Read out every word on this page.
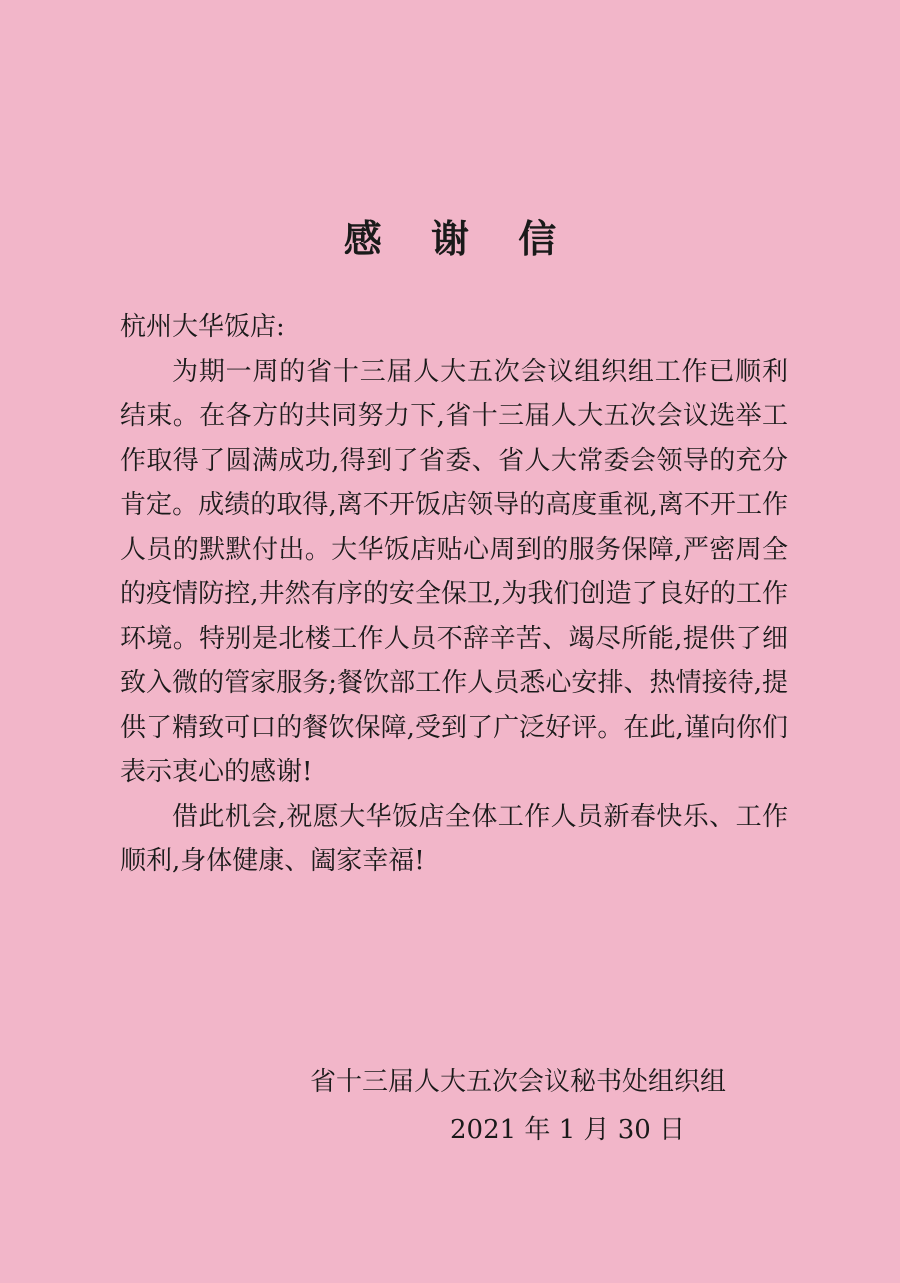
感 谢 信

杭州大华饭店:

为期一周的省十三届人大五次会议组织组工作已顺利结束。在各方的共同努力下,省十三届人大五次会议选举工作取得了圆满成功,得到了省委、省人大常委会领导的充分肯定。成绩的取得,离不开饭店领导的高度重视,离不开工作人员的默默付出。大华饭店贴心周到的服务保障,严密周全的疫情防控,井然有序的安全保卫,为我们创造了良好的工作环境。特别是北楼工作人员不辞辛苦、竭尽所能,提供了细致入微的管家服务;餐饮部工作人员悉心安排、热情接待,提供了精致可口的餐饮保障,受到了广泛好评。在此,谨向你们表示衷心的感谢!

借此机会,祝愿大华饭店全体工作人员新春快乐、工作顺利,身体健康、阖家幸福!

省十三届人大五次会议秘书处组织组
2021 年 1 月 30 日
